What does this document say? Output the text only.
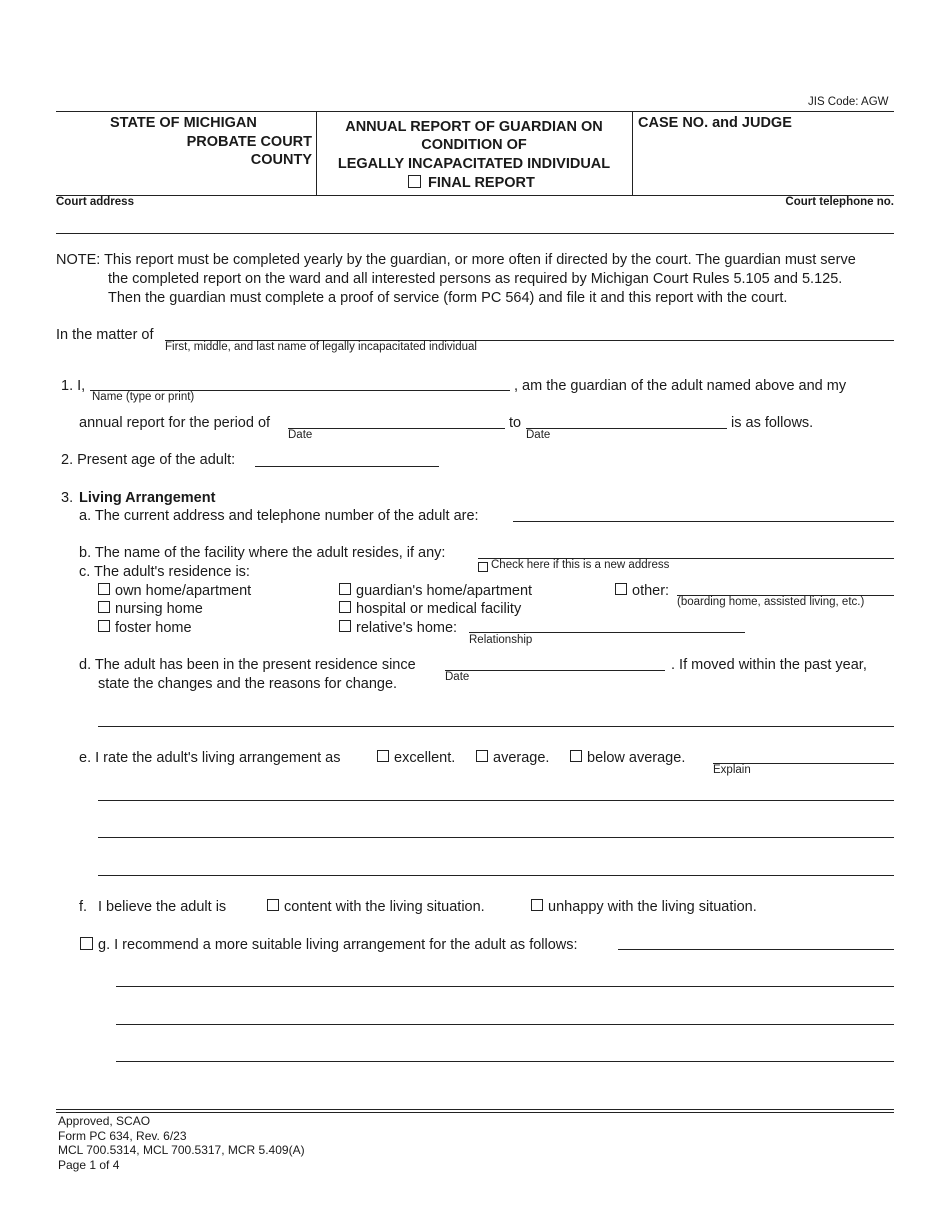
JIS Code: AGW
STATE OF MICHIGAN
PROBATE COURT
COUNTY
ANNUAL REPORT OF GUARDIAN ON
CONDITION OF
LEGALLY INCAPACITATED INDIVIDUAL
FINAL REPORT
CASE NO. and JUDGE
Court address	Court telephone no.
NOTE: This report must be completed yearly by the guardian, or more often if directed by the court. The guardian must serve
the completed report on the ward and all interested persons as required by Michigan Court Rules 5.105 and 5.125.
Then the guardian must complete a proof of service (form PC 564) and file it and this report with the court.
In the matter of
First, middle, and last name of legally incapacitated individual
1. I,
Name (type or print)
, am the guardian of the adult named above and my
annual report for the period of
Date
to
Date
is as follows.
2. Present age of the adult:
3. Living Arrangement
a. The current address and telephone number of the adult are:
b. The name of the facility where the adult resides, if any:
Check here if this is a new address
c. The adult's residence is:
own home/apartment
nursing home
foster home
guardian's home/apartment
hospital or medical facility
relative's home:
Relationship
other:
(boarding home, assisted living, etc.)
d. The adult has been in the present residence since
Date
. If moved within the past year,
state the changes and the reasons for change.
e. I rate the adult's living arrangement as	excellent.	average.	below average.
Explain
f. I believe the adult is	content with the living situation.	unhappy with the living situation.
g. I recommend a more suitable living arrangement for the adult as follows:
Approved, SCAO
Form PC 634, Rev. 6/23
MCL 700.5314, MCL 700.5317, MCR 5.409(A)
Page 1 of 4
